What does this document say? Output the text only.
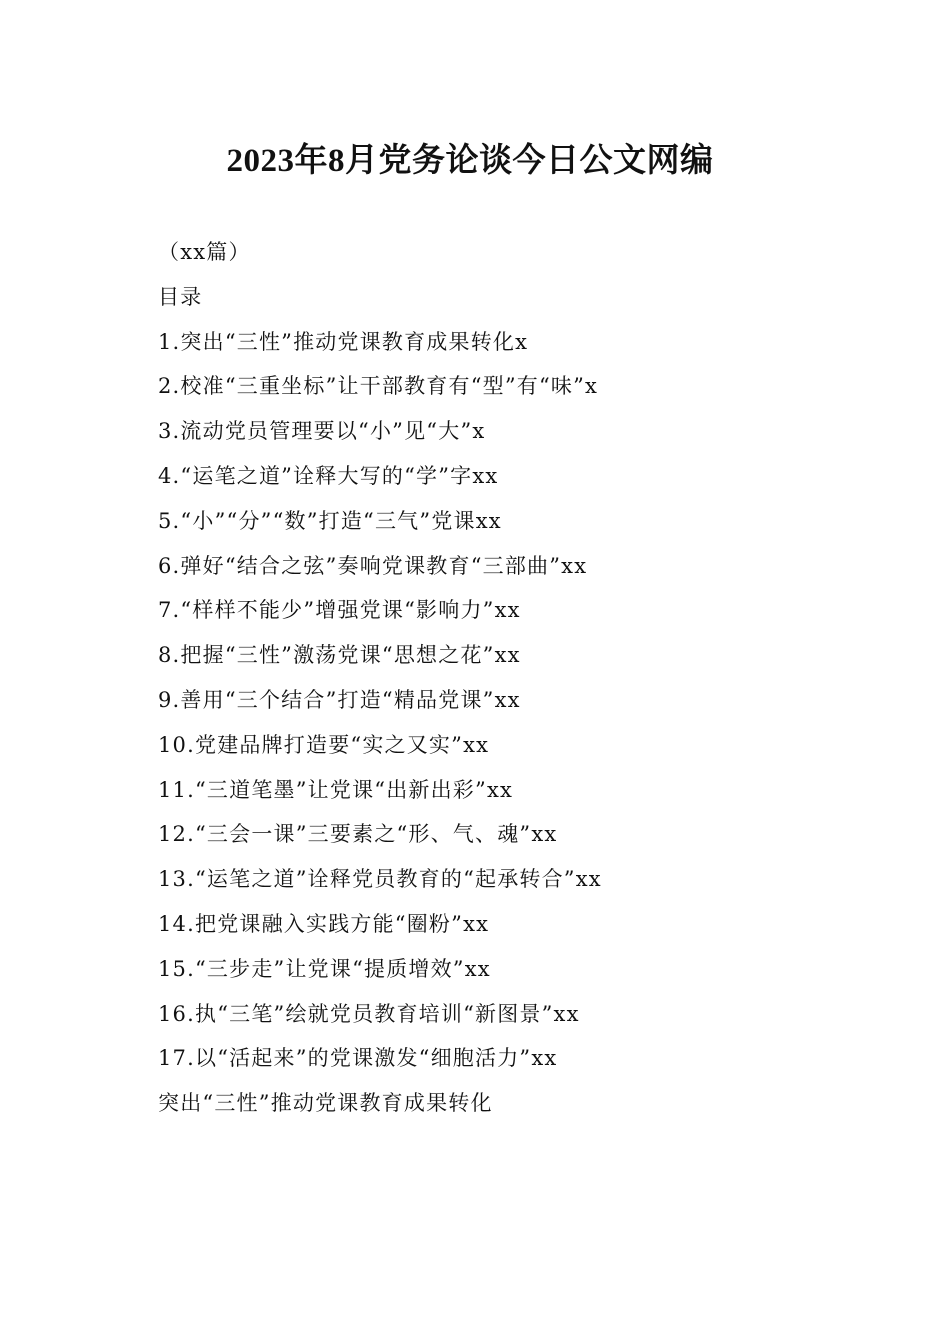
2023年8月党务论谈今日公文网编
（xx篇）
目录
1.突出“三性”推动党课教育成果转化x
2.校准“三重坐标”让干部教育有“型”有“味”x
3.流动党员管理要以“小”见“大”x
4.“运笔之道”诠释大写的“学”字xx
5.“小”“分”“数”打造“三气”党课xx
6.弹好“结合之弦”奏响党课教育“三部曲”xx
7.“样样不能少”增强党课“影响力”xx
8.把握“三性”激荡党课“思想之花”xx
9.善用“三个结合”打造“精品党课”xx
10.党建品牌打造要“实之又实”xx
11.“三道笔墨”让党课“出新出彩”xx
12.“三会一课”三要素之“形、气、魂”xx
13.“运笔之道”诠释党员教育的“起承转合”xx
14.把党课融入实践方能“圈粉”xx
15.“三步走”让党课“提质增效”xx
16.执“三笔”绘就党员教育培训“新图景”xx
17.以“活起来”的党课激发“细胞活力”xx
突出“三性”推动党课教育成果转化
